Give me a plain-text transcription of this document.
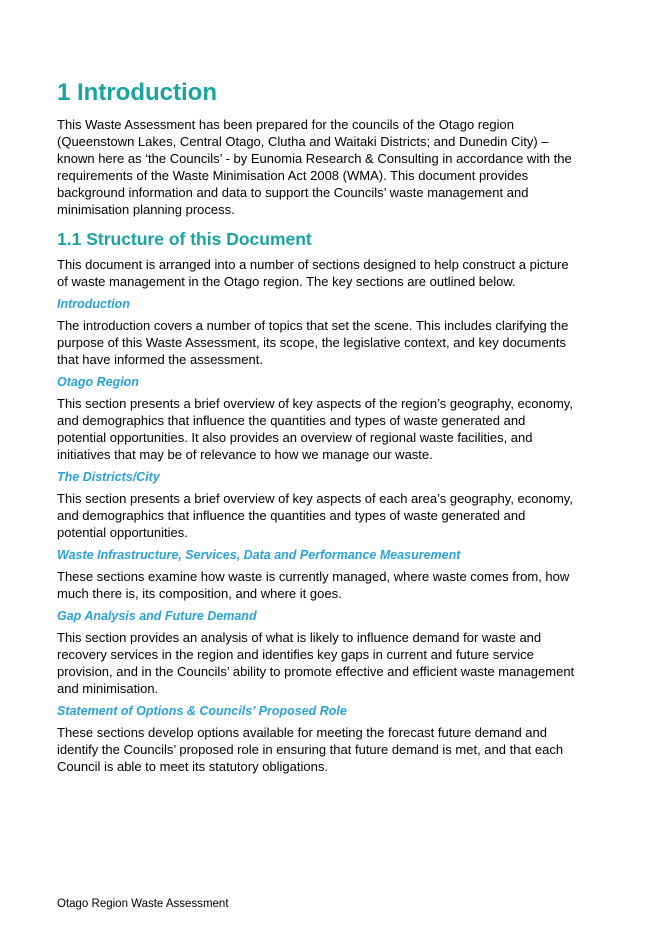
1 Introduction

This Waste Assessment has been prepared for the councils of the Otago region (Queenstown Lakes, Central Otago, Clutha and Waitaki Districts; and Dunedin City) – known here as ‘the Councils’ - by Eunomia Research & Consulting in accordance with the requirements of the Waste Minimisation Act 2008 (WMA). This document provides background information and data to support the Councils’ waste management and minimisation planning process.

1.1 Structure of this Document

This document is arranged into a number of sections designed to help construct a picture of waste management in the Otago region. The key sections are outlined below.

Introduction

The introduction covers a number of topics that set the scene. This includes clarifying the purpose of this Waste Assessment, its scope, the legislative context, and key documents that have informed the assessment.

Otago Region

This section presents a brief overview of key aspects of the region’s geography, economy, and demographics that influence the quantities and types of waste generated and potential opportunities. It also provides an overview of regional waste facilities, and initiatives that may be of relevance to how we manage our waste.

The Districts/City

This section presents a brief overview of key aspects of each area’s geography, economy, and demographics that influence the quantities and types of waste generated and potential opportunities.

Waste Infrastructure, Services, Data and Performance Measurement

These sections examine how waste is currently managed, where waste comes from, how much there is, its composition, and where it goes.

Gap Analysis and Future Demand

This section provides an analysis of what is likely to influence demand for waste and recovery services in the region and identifies key gaps in current and future service provision, and in the Councils’ ability to promote effective and efficient waste management and minimisation.

Statement of Options & Councils’ Proposed Role

These sections develop options available for meeting the forecast future demand and identify the Councils’ proposed role in ensuring that future demand is met, and that each Council is able to meet its statutory obligations.

Otago Region Waste Assessment
